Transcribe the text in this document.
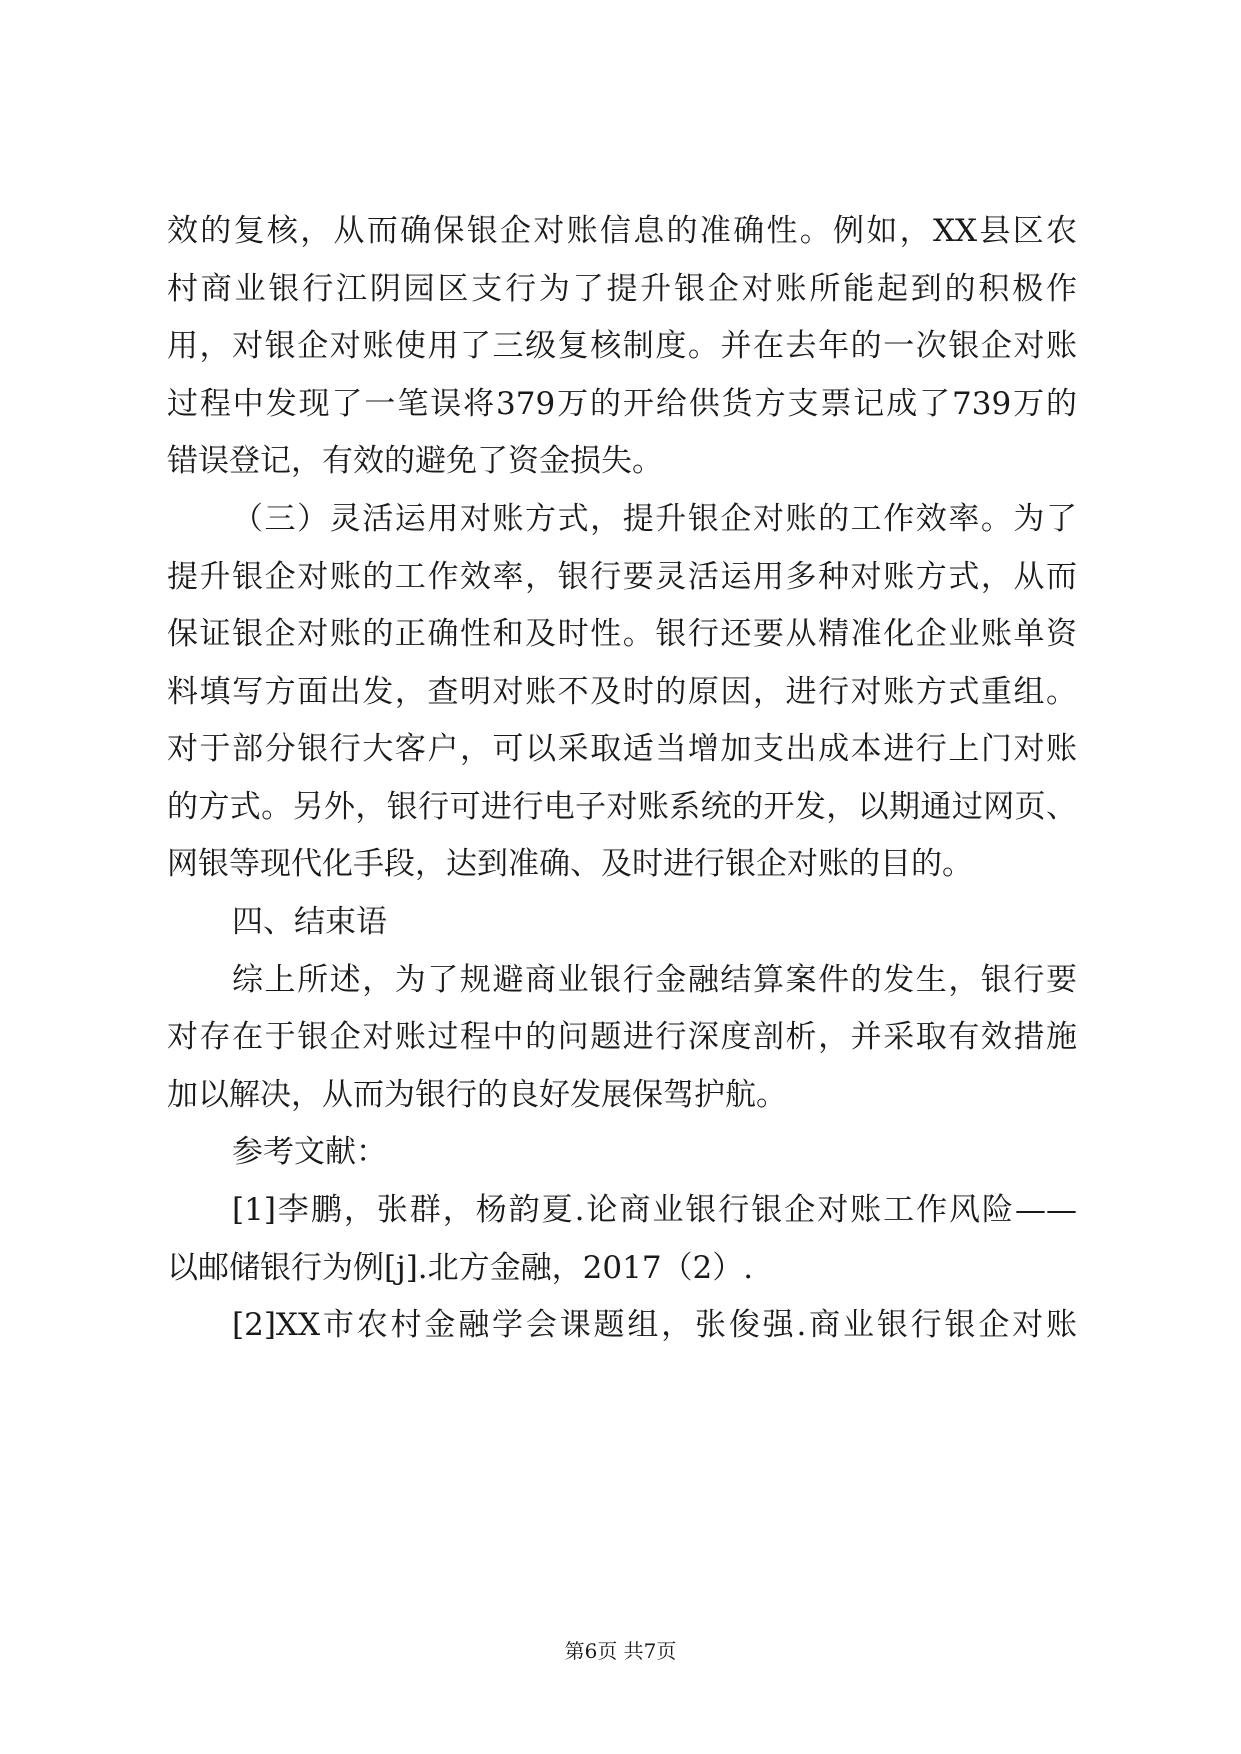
效的复核，从而确保银企对账信息的准确性。例如，XX县区农
村商业银行江阴园区支行为了提升银企对账所能起到的积极作
用，对银企对账使用了三级复核制度。并在去年的一次银企对账
过程中发现了一笔误将379万的开给供货方支票记成了739万的
错误登记，有效的避免了资金损失。
（三）灵活运用对账方式，提升银企对账的工作效率。为了
提升银企对账的工作效率，银行要灵活运用多种对账方式，从而
保证银企对账的正确性和及时性。银行还要从精准化企业账单资
料填写方面出发，查明对账不及时的原因，进行对账方式重组。
对于部分银行大客户，可以采取适当增加支出成本进行上门对账
的方式。另外，银行可进行电子对账系统的开发，以期通过网页、
网银等现代化手段，达到准确、及时进行银企对账的目的。
四、结束语
综上所述，为了规避商业银行金融结算案件的发生，银行要
对存在于银企对账过程中的问题进行深度剖析，并采取有效措施
加以解决，从而为银行的良好发展保驾护航。
参考文献：
[1]李鹏，张群，杨韵夏.论商业银行银企对账工作风险——
以邮储银行为例[j].北方金融，2017（2）.
[2]XX市农村金融学会课题组，张俊强.商业银行银企对账
第6页 共7页
